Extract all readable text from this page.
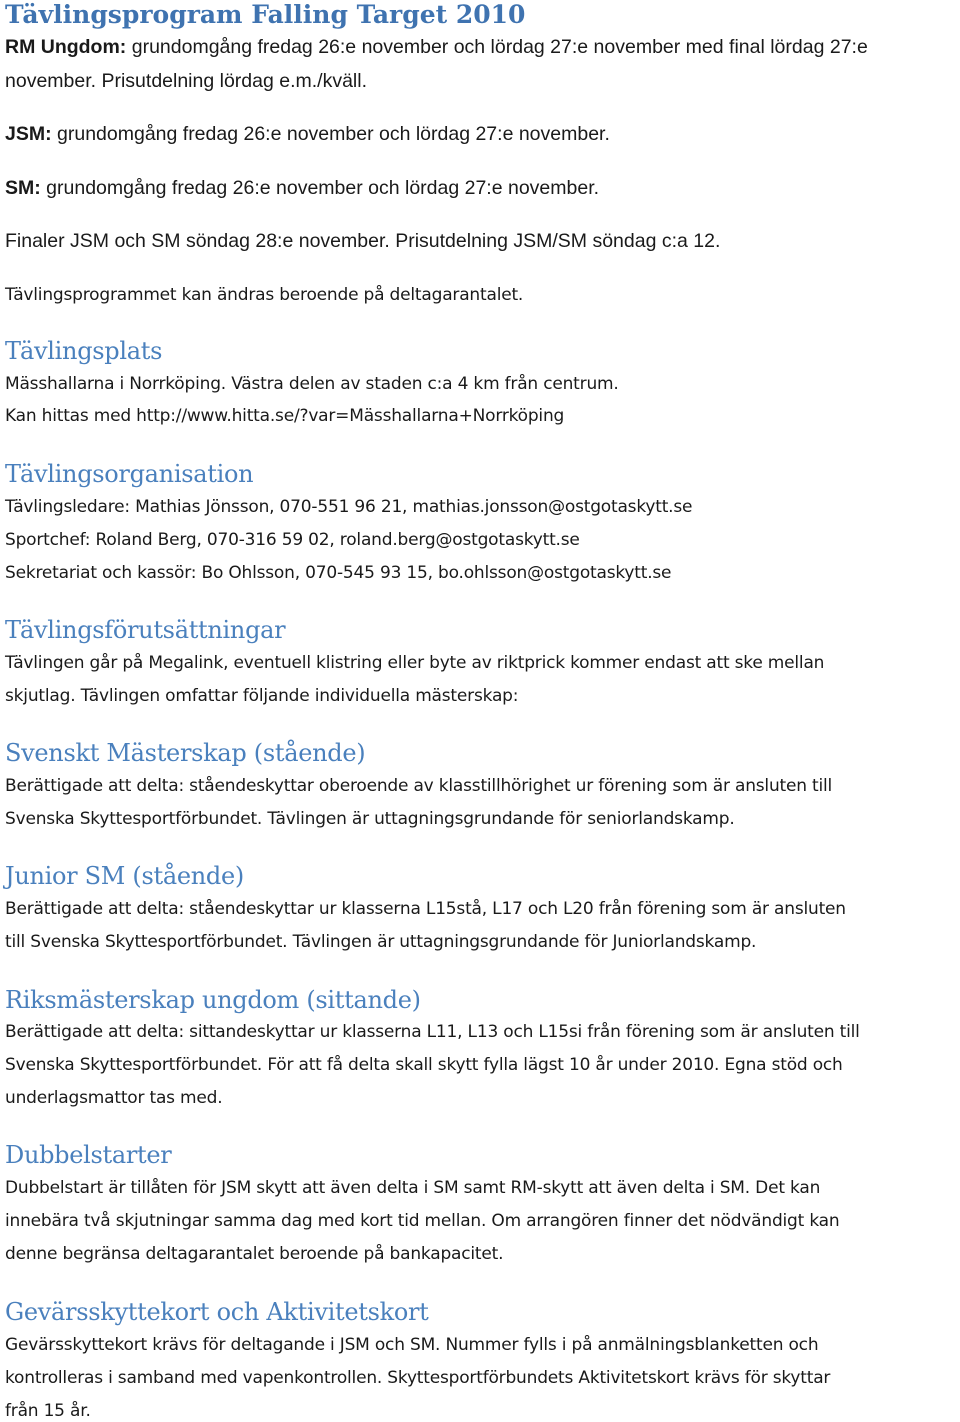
Tävlingsprogram Falling Target 2010

RM Ungdom: grundomgång fredag 26:e november och lördag 27:e november med final lördag 27:e

november. Prisutdelning lördag e.m./kväll.

JSM: grundomgång fredag 26:e november och lördag 27:e november.

SM: grundomgång fredag 26:e november och lördag 27:e november.

Finaler JSM och SM söndag 28:e november. Prisutdelning JSM/SM söndag c:a 12.

Tävlingsprogrammet kan ändras beroende på deltagarantalet.

Tävlingsplats

Mässhallarna i Norrköping. Västra delen av staden c:a 4 km från centrum.

Kan hittas med http://www.hitta.se/?var=Mässhallarna+Norrköping

Tävlingsorganisation

Tävlingsledare: Mathias Jönsson, 070-551 96 21, mathias.jonsson@ostgotaskytt.se

Sportchef: Roland Berg, 070-316 59 02, roland.berg@ostgotaskytt.se

Sekretariat och kassör: Bo Ohlsson, 070-545 93 15, bo.ohlsson@ostgotaskytt.se

Tävlingsförutsättningar

Tävlingen går på Megalink, eventuell klistring eller byte av riktprick kommer endast att ske mellan

skjutlag. Tävlingen omfattar följande individuella mästerskap:

Svenskt Mästerskap (stående)

Berättigade att delta: ståendeskyttar oberoende av klasstillhörighet ur förening som är ansluten till

Svenska Skyttesportförbundet. Tävlingen är uttagningsgrundande för seniorlandskamp.

Junior SM (stående)

Berättigade att delta: ståendeskyttar ur klasserna L15stå, L17 och L20 från förening som är ansluten

till Svenska Skyttesportförbundet. Tävlingen är uttagningsgrundande för Juniorlandskamp.

Riksmästerskap ungdom (sittande)

Berättigade att delta: sittandeskyttar ur klasserna L11, L13 och L15si från förening som är ansluten till

Svenska Skyttesportförbundet. För att få delta skall skytt fylla lägst 10 år under 2010. Egna stöd och

underlagsmattor tas med.

Dubbelstarter

Dubbelstart är tillåten för JSM skytt att även delta i SM samt RM-skytt att även delta i SM. Det kan

innebära två skjutningar samma dag med kort tid mellan. Om arrangören finner det nödvändigt kan

denne begränsa deltagarantalet beroende på bankapacitet.

Gevärsskyttekort och Aktivitetskort

Gevärsskyttekort krävs för deltagande i JSM och SM. Nummer fylls i på anmälningsblanketten och

kontrolleras i samband med vapenkontrollen. Skyttesportförbundets Aktivitetskort krävs för skyttar

från 15 år.
